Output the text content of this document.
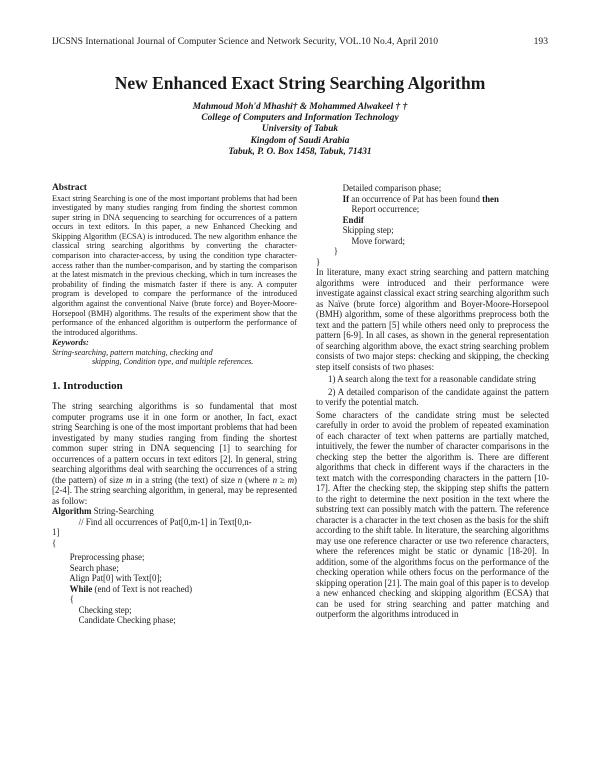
IJCSNS International Journal of Computer Science and Network Security, VOL.10 No.4, April 2010	193
New Enhanced Exact String Searching Algorithm
Mahmoud Moh'd Mhashi† & Mohammed Alwakeel † †
College of Computers and Information Technology
University of Tabuk
Kingdom of Saudi Arabia
Tabuk, P. O. Box 1458, Tabuk, 71431
Abstract

Exact string Searching is one of the most important problems that had been investigated by many studies ranging from finding the shortest common super string in DNA sequencing to searching for occurrences of a pattern occurs in text editors. In this paper, a new Enhanced Checking and Skipping Algorithm (ECSA) is introduced. The new algorithm enhance the classical string searching algorithms by converting the character-comparison into character-access, by using the condition type character-access rather than the number-comparison, and by starting the comparison at the latest mismatch in the previous checking, which in turn increases the probability of finding the mismatch faster if there is any. A computer program is developed to compare the performance of the introduced algorithm against the conventional Naive (brute force) and Boyer-Moore-Horsepool (BMH) algorithms. The results of the experiment show that the performance of the enhanced algorithm is outperform the performance of the introduced algorithms.

Keywords:
String-searching, pattern matching, checking and
skipping, Condition type, and multiple references.
1. Introduction

The string searching algorithms is so fundamental that most computer programs use it in one form or another, In fact, exact string Searching is one of the most important problems that had been investigated by many studies ranging from finding the shortest common super string in DNA sequencing [1] to searching for occurrences of a pattern occurs in text editors [2]. In general, string searching algorithms deal with searching the occurrences of a string (the pattern) of size m in a string (the text) of size n (where n ≥ m) [2-4]. The string searching algorithm, in general, may be represented as follow:

Algorithm String-Searching
// Find all occurrences of Pat[0,m-1] in Text[0,n-
1]
{
Preprocessing phase;
Search phase;
Align Pat[0] with Text[0];
While (end of Text is not reached)
{
Checking step;
Candidate Checking phase;
Detailed comparison phase;
If an occurrence of Pat has been found then
Report occurrence;
Endif
Skipping step;
Move forward;
}
}

In literature, many exact string searching and pattern matching algorithms were introduced and their performance were investigate against classical exact string searching algorithm such as Naïve (brute force) algorithm and Boyer-Moore-Horsepool (BMH) algorithm, some of these algorithms preprocess both the text and the pattern [5] while others need only to preprocess the pattern [6-9]. In all cases, as shown in the general representation of searching algorithm above, the exact string searching problem consists of two major steps: checking and skipping, the checking step itself consists of two phases:

1) A search along the text for a reasonable candidate string

2) A detailed comparison of the candidate against the pattern to verify the potential match.

Some characters of the candidate string must be selected carefully in order to avoid the problem of repeated examination of each character of text when patterns are partially matched, intuitively, the fewer the number of character comparisons in the checking step the better the algorithm is. There are different algorithms that check in different ways if the characters in the text match with the corresponding characters in the pattern [10-17]. After the checking step, the skipping step shifts the pattern to the right to determine the next position in the text where the substring text can possibly match with the pattern. The reference character is a character in the text chosen as the basis for the shift according to the shift table. In literature, the searching algorithms may use one reference character or use two reference characters, where the references might be static or dynamic [18-20]. In addition, some of the algorithms focus on the performance of the checking operation while others focus on the performance of the skipping operation [21]. The main goal of this paper is to develop a new enhanced checking and skipping algorithm (ECSA) that can be used for string searching and patter matching and outperform the algorithms introduced in
